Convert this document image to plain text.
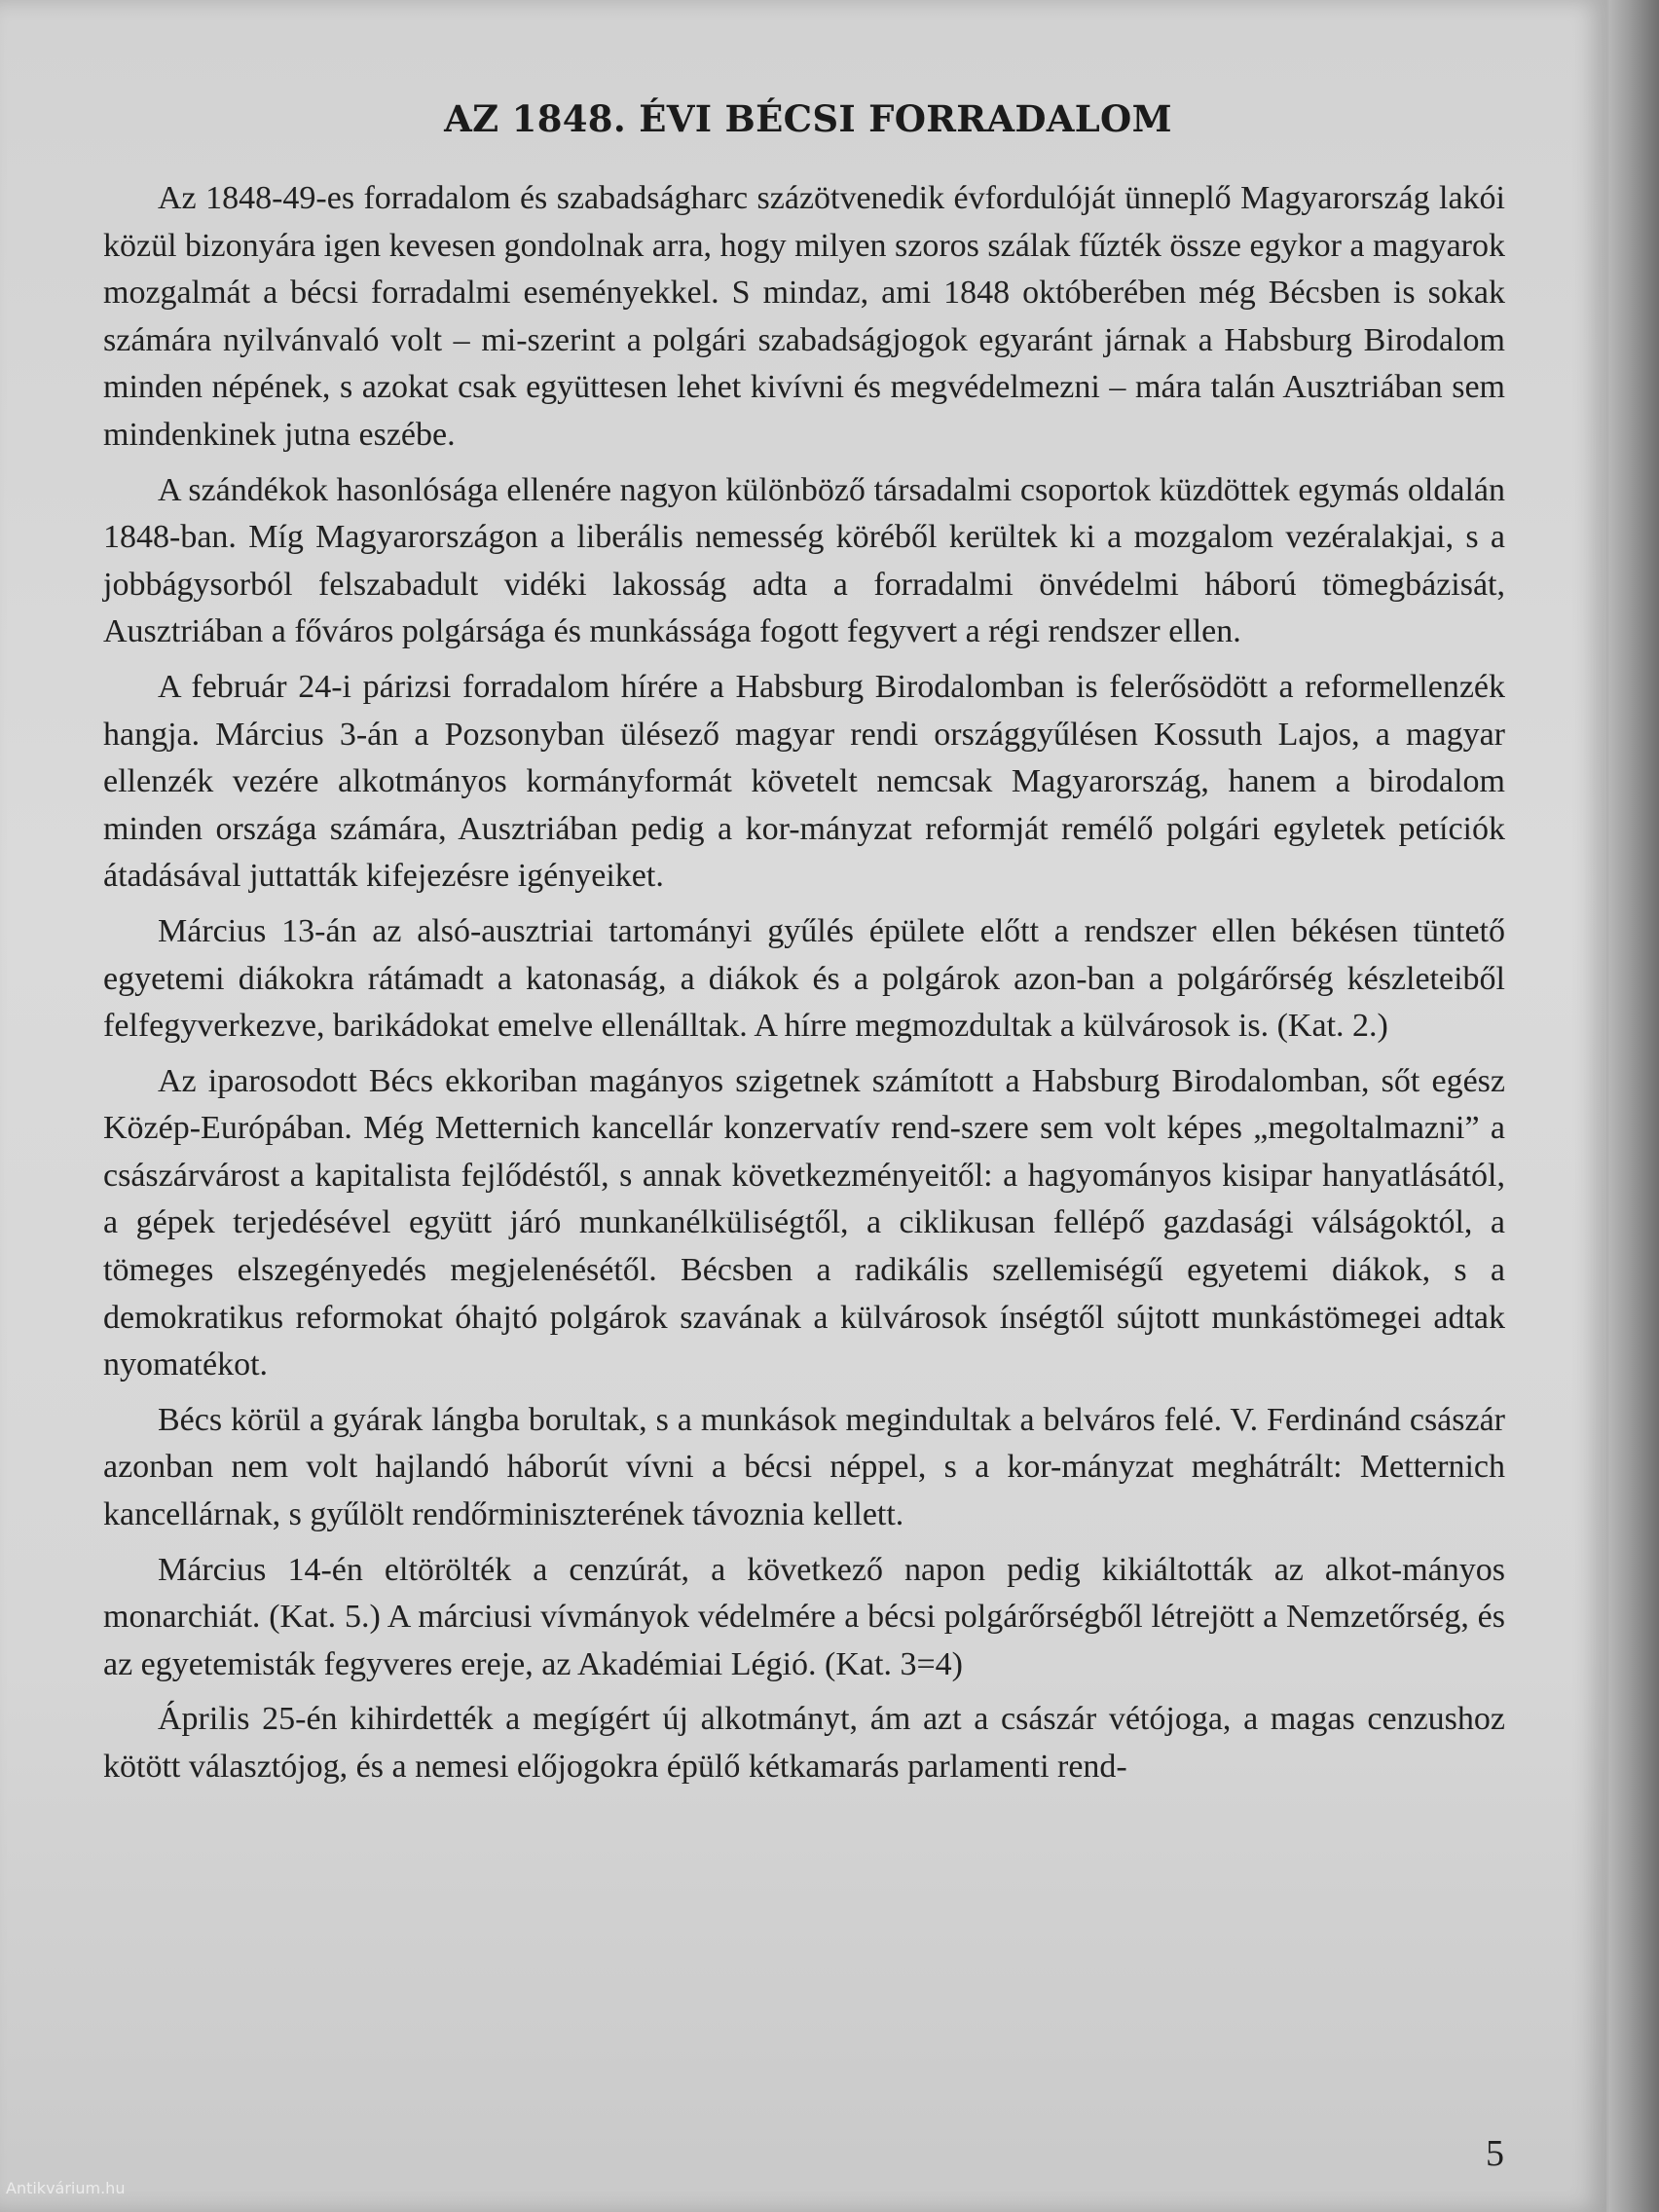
AZ 1848. ÉVI BÉCSI FORRADALOM

Az 1848-49-es forradalom és szabadságharc százötvenedik évfordulóját ünneplő Magyarország lakói közül bizonyára igen kevesen gondolnak arra, hogy milyen szoros szálak fűzték össze egykor a magyarok mozgalmát a bécsi forradalmi eseményekkel. S mindaz, ami 1848 októberében még Bécsben is sokak számára nyilvánvaló volt – mi-szerint a polgári szabadságjogok egyaránt járnak a Habsburg Birodalom minden népének, s azokat csak együttesen lehet kivívni és megvédelmezni – mára talán Ausztriában sem mindenkinek jutna eszébe.

A szándékok hasonlósága ellenére nagyon különböző társadalmi csoportok küzdöttek egymás oldalán 1848-ban. Míg Magyarországon a liberális nemesség köréből kerültek ki a mozgalom vezéralakjai, s a jobbágysorból felszabadult vidéki lakosság adta a forradalmi önvédelmi háború tömegbázisát, Ausztriában a főváros polgársága és munkássága fogott fegyvert a régi rendszer ellen.

A február 24-i párizsi forradalom hírére a Habsburg Birodalomban is felerősödött a reformellenzék hangja. Március 3-án a Pozsonyban ülésező magyar rendi országgyűlésen Kossuth Lajos, a magyar ellenzék vezére alkotmányos kormányformát követelt nemcsak Magyarország, hanem a birodalom minden országa számára, Ausztriában pedig a kor-mányzat reformját remélő polgári egyletek petíciók átadásával juttatták kifejezésre igényeiket.

Március 13-án az alsó-ausztriai tartományi gyűlés épülete előtt a rendszer ellen békésen tüntető egyetemi diákokra rátámadt a katonaság, a diákok és a polgárok azon-ban a polgárőrség készleteiből felfegyverkezve, barikádokat emelve ellenálltak. A hírre megmozdultak a külvárosok is. (Kat. 2.)

Az iparosodott Bécs ekkoriban magányos szigetnek számított a Habsburg Birodalomban, sőt egész Közép-Európában. Még Metternich kancellár konzervatív rend-szere sem volt képes „megoltalmazni” a császárvárost a kapitalista fejlődéstől, s annak következményeitől: a hagyományos kisipar hanyatlásától, a gépek terjedésével együtt járó munkanélküliségtől, a ciklikusan fellépő gazdasági válságoktól, a tömeges elszegényedés megjelenésétől. Bécsben a radikális szellemiségű egyetemi diákok, s a demokratikus reformokat óhajtó polgárok szavának a külvárosok ínségtől sújtott munkástömegei adtak nyomatékot.

Bécs körül a gyárak lángba borultak, s a munkások megindultak a belváros felé. V. Ferdinánd császár azonban nem volt hajlandó háborút vívni a bécsi néppel, s a kor-mányzat meghátrált: Metternich kancellárnak, s gyűlölt rendőrminiszterének távoznia kellett.

Március 14-én eltörölték a cenzúrát, a következő napon pedig kikiáltották az alkot-mányos monarchiát. (Kat. 5.) A márciusi vívmányok védelmére a bécsi polgárőrségből létrejött a Nemzetőrség, és az egyetemisták fegyveres ereje, az Akadémiai Légió. (Kat. 3=4)

Április 25-én kihirdették a megígért új alkotmányt, ám azt a császár vétójoga, a magas cenzushoz kötött választójog, és a nemesi előjogokra épülő kétkamarás parlamenti rend-

5
Antikvárium.hu
